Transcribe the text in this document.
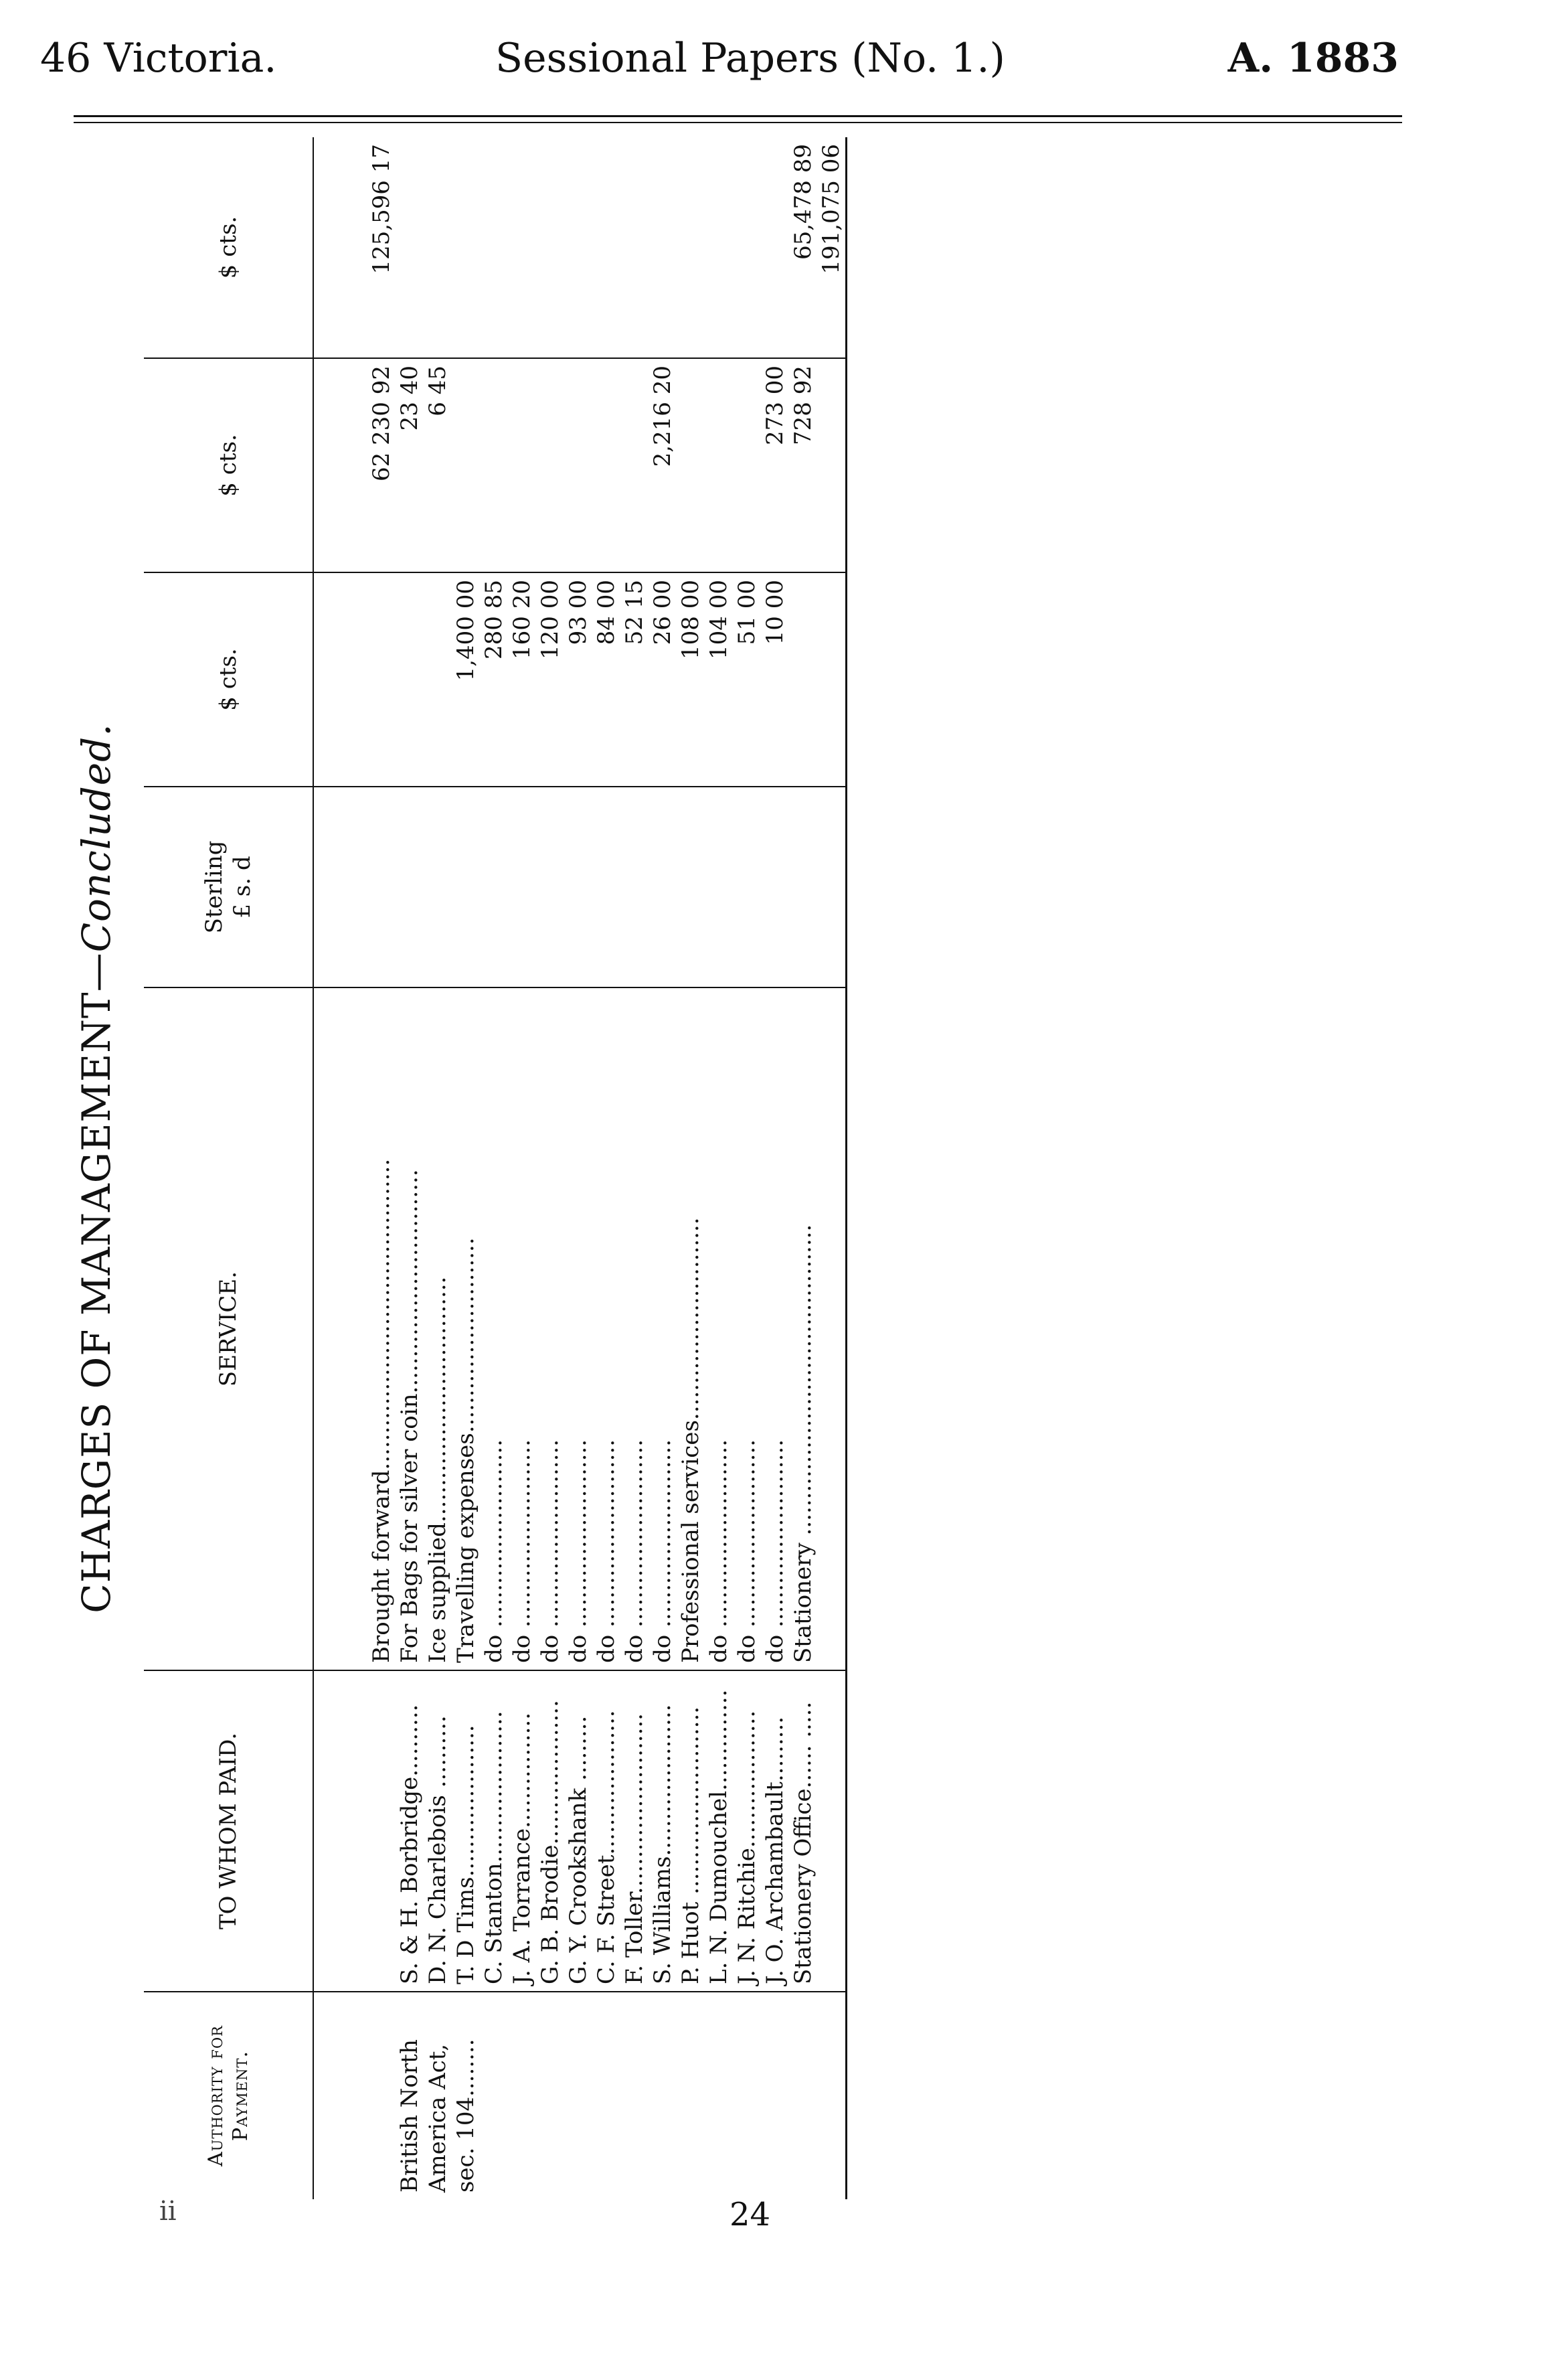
46 Victoria.	Sessional Papers (No. 1.)	A. 1883
CHARGES OF MANAGEMENT—Concluded.
Authority for Payment.	TO WHOM PAID.	SERVICE.	Sterling £ s. d	$ cts.	$ cts.	$ cts.

		Brought forward...........................................			62 230 92	125,596 17
British North	S. & H. Borbridge..........	For Bags for silver coin...............................			23 40	
America Act,	D. N. Charlebois ..........	Ice supplied..................................			6 45	
sec. 104........	T. D Tims.....................	Travelling expenses...........................		1,400 00		
	C. Stanton.....................	do ..........................		280 85		
	J. A. Torrance................	do ..........................		160 20		
	G. B. Brodie....................	do ..........................		120 00		
	G. Y. Crookshank .........	do ..........................		93 00		
	C. F. Street....................	do ..........................		84 00		
	F. Toller.........................	do ..........................		52 15		
	S. Williams.....................	do ..........................		26 00	2,216 20	
	P. Huot ..........................	Professional services............................		108 00		
	L. N. Dumouchel..............	do ..........................		104 00		
	J. N. Ritchie...................	do ..........................		51 00		
	J. O. Archambault.........	do ..........................		10 00	273 00	
	Stationery Office...... .....	Stationery ...........................................			728 92	65,478 89
						191,075 06
ii	24
